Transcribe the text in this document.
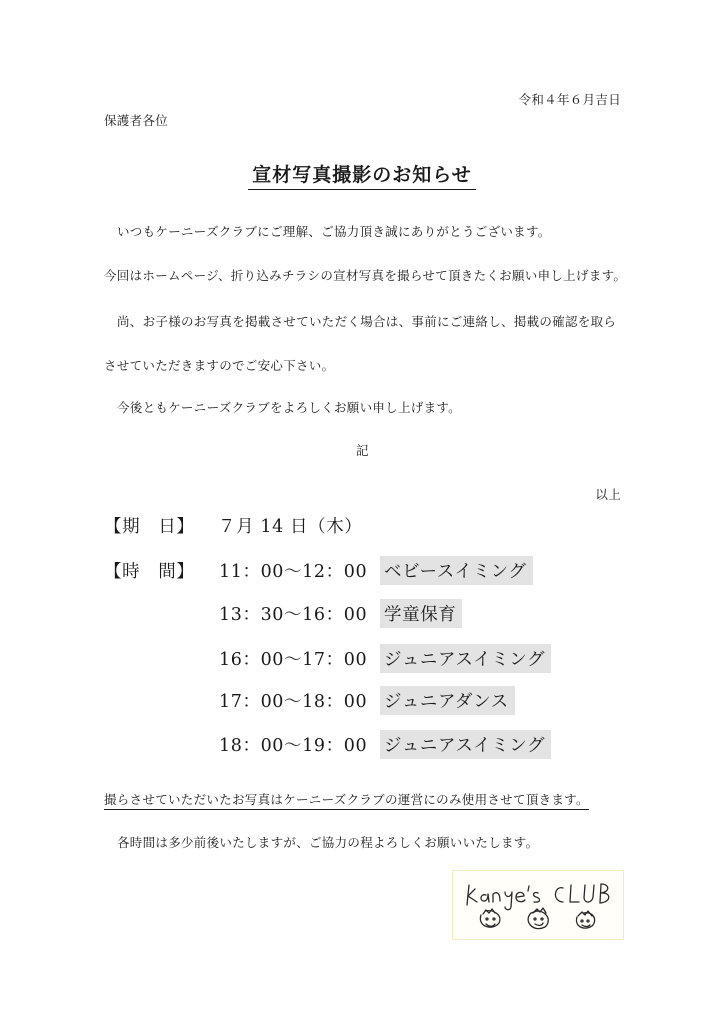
令和４年６月吉日
保護者各位
宣材写真撮影のお知らせ
いつもケーニーズクラブにご理解、ご協力頂き誠にありがとうございます。
今回はホームページ、折り込みチラシの宣材写真を撮らせて頂きたくお願い申し上げます。
尚、お子様のお写真を掲載させていただく場合は、事前にご連絡し、掲載の確認を取ら
させていただきますのでご安心下さい。
今後ともケーニーズクラブをよろしくお願い申し上げます。
記
以上
【期　日】 ７月 14 日（木）
【時　間】 11：00～12：00 ベビースイミング
13：30～16：00 学童保育
16：00～17：00 ジュニアスイミング
17：00～18：00 ジュニアダンス
18：00～19：00 ジュニアスイミング
撮らさせていただいたお写真はケーニーズクラブの運営にのみ使用させて頂きます。
各時間は多少前後いたしますが、ご協力の程よろしくお願いいたします。
